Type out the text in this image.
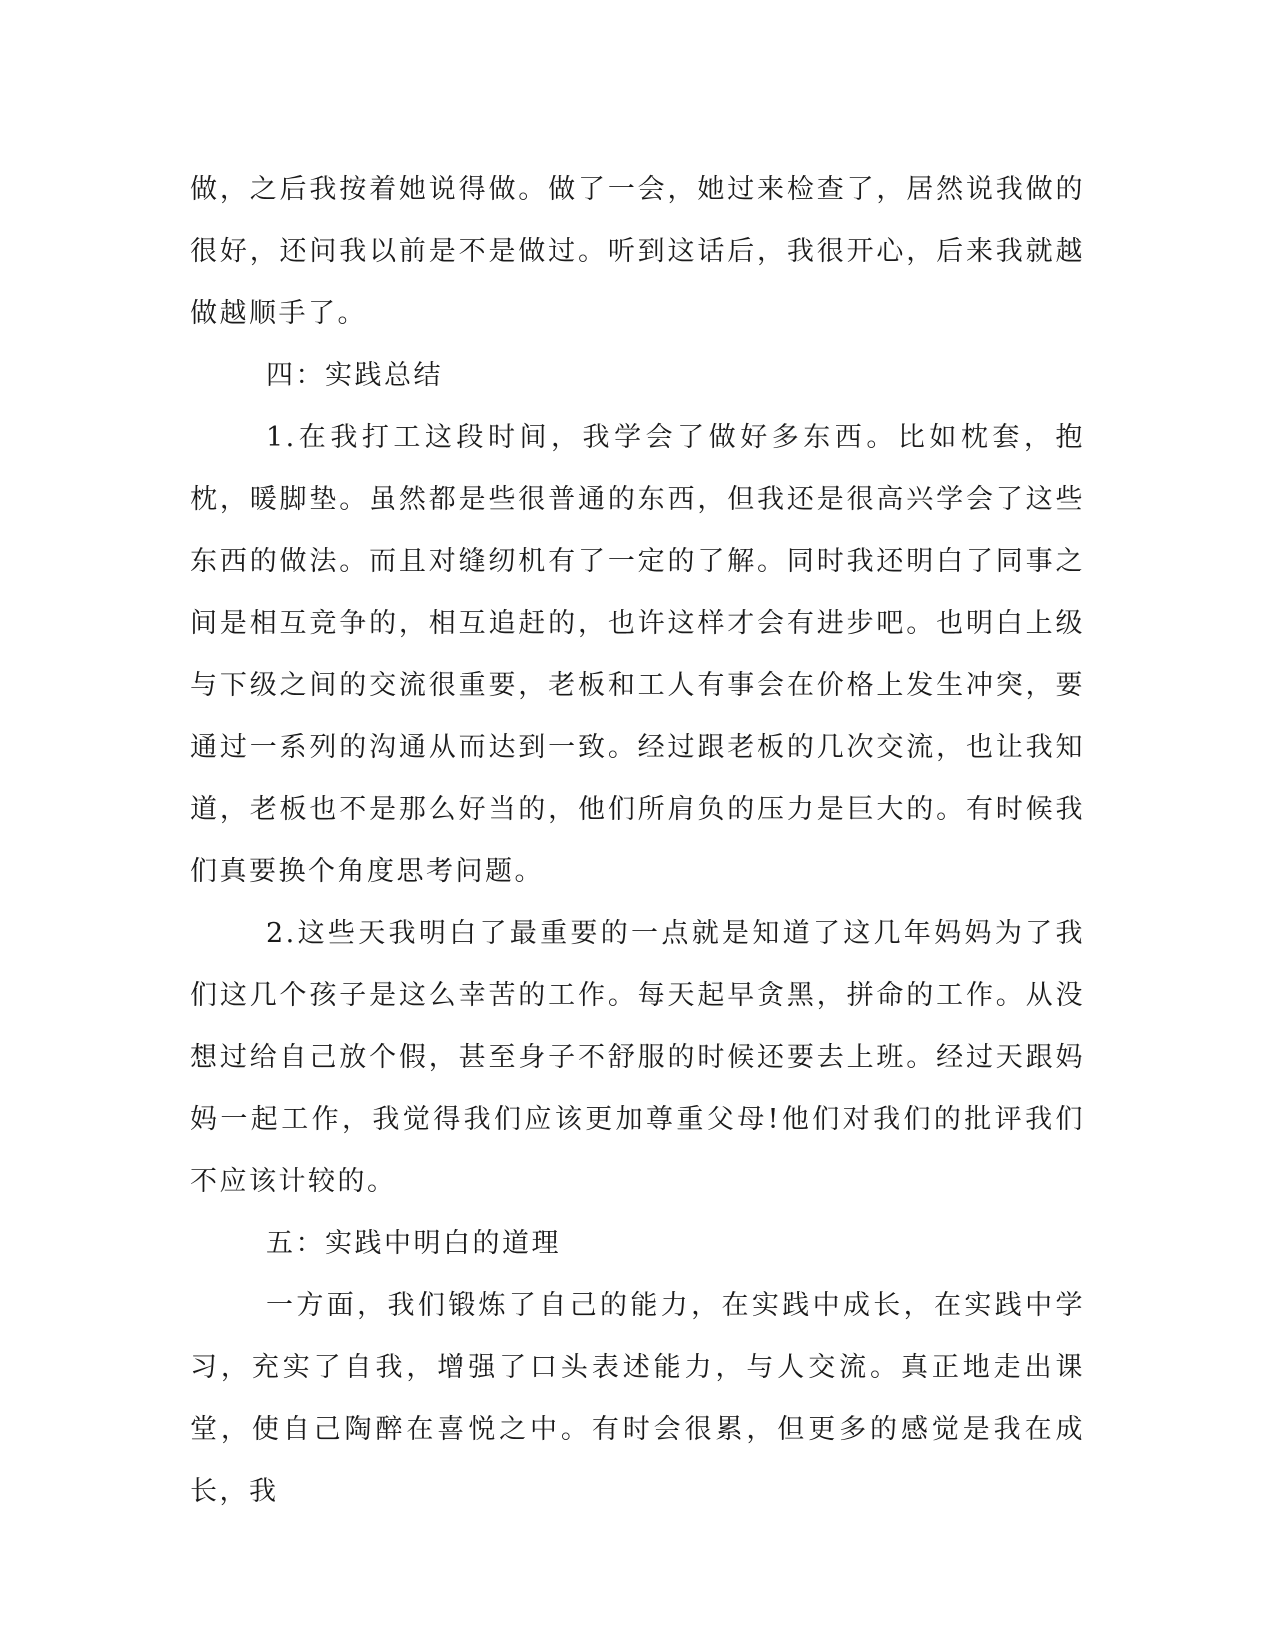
做，之后我按着她说得做。做了一会，她过来检查了，居然说我做的很好，还问我以前是不是做过。听到这话后，我很开心，后来我就越做越顺手了。

四：实践总结

1.在我打工这段时间，我学会了做好多东西。比如枕套，抱枕，暖脚垫。虽然都是些很普通的东西，但我还是很高兴学会了这些东西的做法。而且对缝纫机有了一定的了解。同时我还明白了同事之间是相互竞争的，相互追赶的，也许这样才会有进步吧。也明白上级与下级之间的交流很重要，老板和工人有事会在价格上发生冲突，要通过一系列的沟通从而达到一致。经过跟老板的几次交流，也让我知道，老板也不是那么好当的，他们所肩负的压力是巨大的。有时候我们真要换个角度思考问题。

2.这些天我明白了最重要的一点就是知道了这几年妈妈为了我们这几个孩子是这么幸苦的工作。每天起早贪黑，拼命的工作。从没想过给自己放个假，甚至身子不舒服的时候还要去上班。经过天跟妈妈一起工作，我觉得我们应该更加尊重父母!他们对我们的批评我们不应该计较的。

五：实践中明白的道理

一方面，我们锻炼了自己的能力，在实践中成长，在实践中学习，充实了自我，增强了口头表述能力，与人交流。真正地走出课堂，使自己陶醉在喜悦之中。有时会很累，但更多的感觉是我在成长，我
